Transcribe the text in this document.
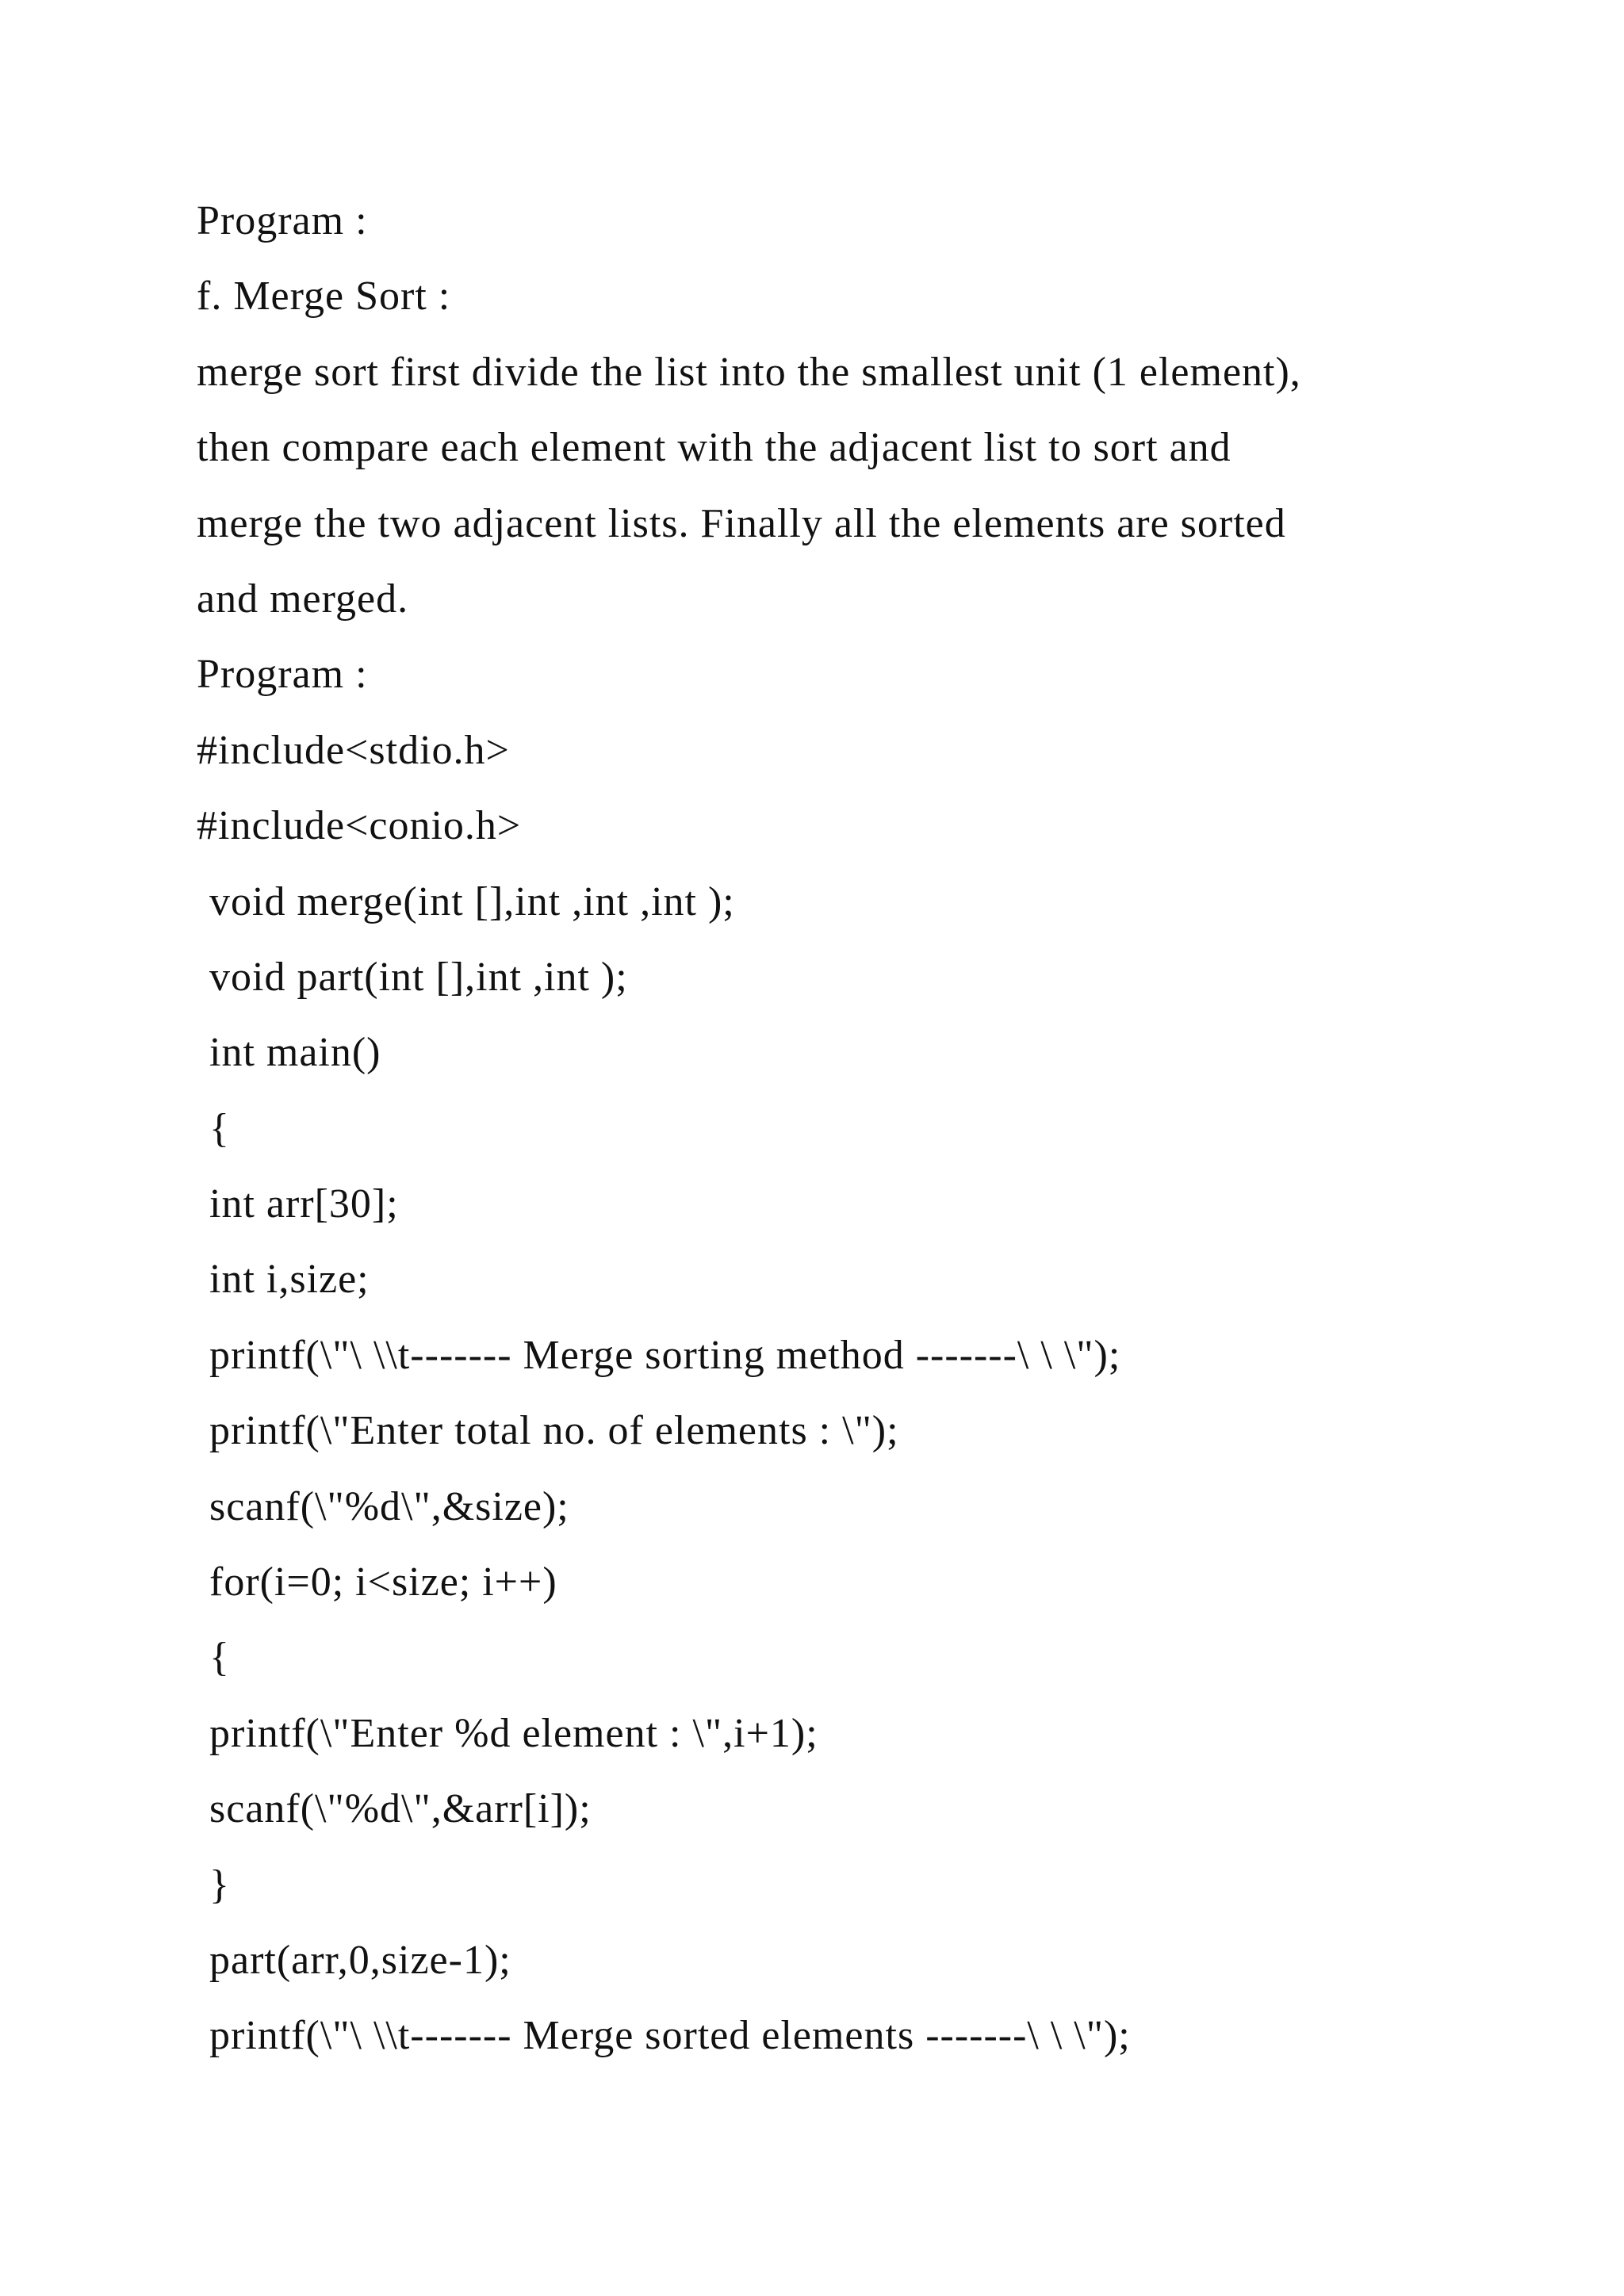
Program :
f. Merge Sort :
merge sort first divide the list into the smallest unit (1 element),
then compare each element with the adjacent list to sort and
merge the two adjacent lists. Finally all the elements are sorted
and merged.
Program :
#include<stdio.h>
#include<conio.h>
void merge(int [],int ,int ,int );
void part(int [],int ,int );
int main()
{
int arr[30];
int i,size;
printf(\"\ \\t------- Merge sorting method -------\ \ \");
printf(\"Enter total no. of elements : \");
scanf(\"%d\",&size);
for(i=0; i<size; i++)
{
printf(\"Enter %d element : \",i+1);
scanf(\"%d\",&arr[i]);
}
part(arr,0,size-1);
printf(\"\ \\t------- Merge sorted elements -------\ \ \");
